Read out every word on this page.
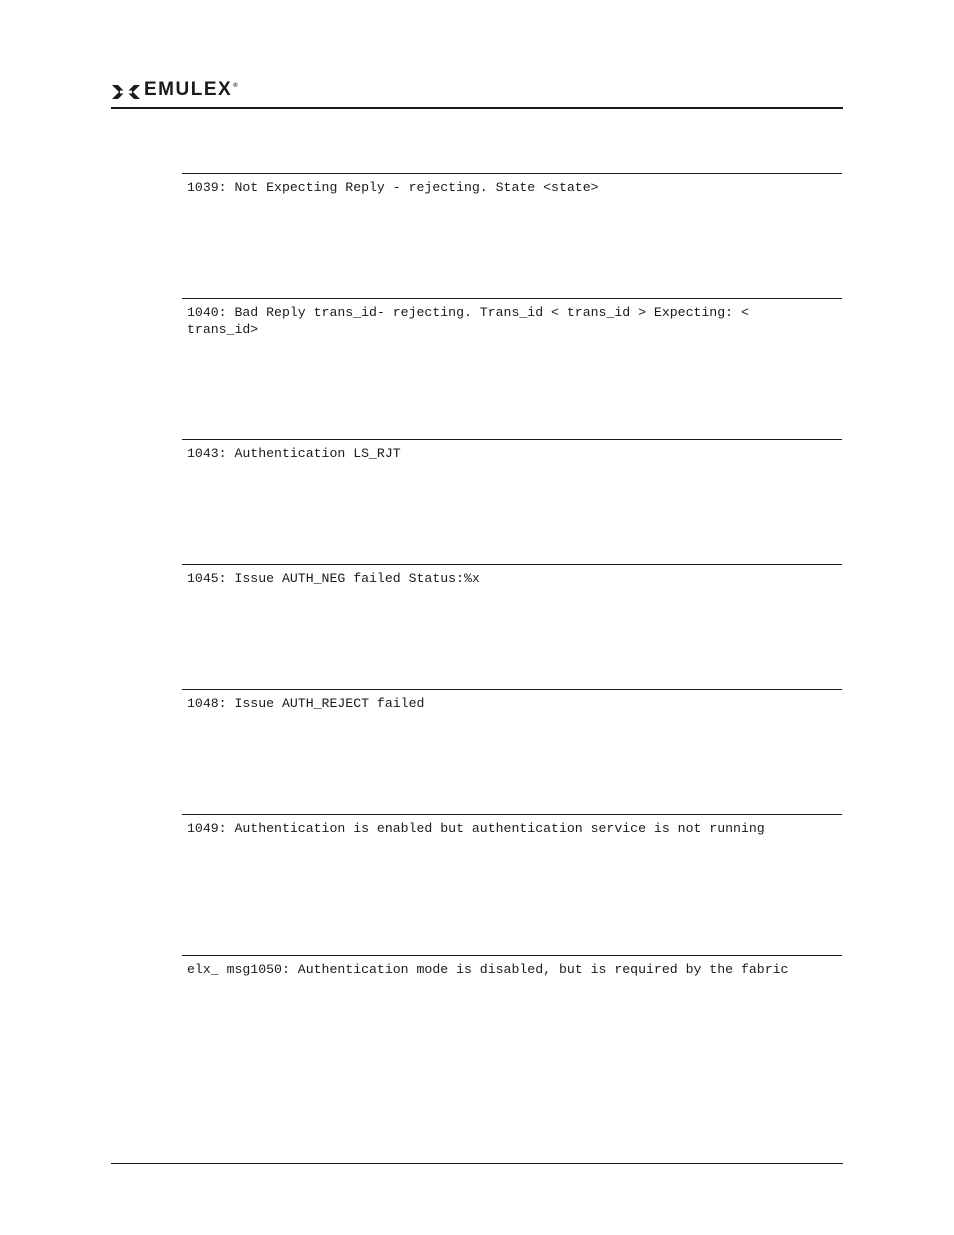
EMULEX®

1039: Not Expecting Reply - rejecting. State <state>

1040: Bad Reply trans_id- rejecting. Trans_id < trans_id > Expecting: <
trans_id>

1043: Authentication LS_RJT

1045: Issue AUTH_NEG failed Status:%x

1048: Issue AUTH_REJECT failed

1049: Authentication is enabled but authentication service is not running

elx_ msg1050: Authentication mode is disabled, but is required by the fabric
